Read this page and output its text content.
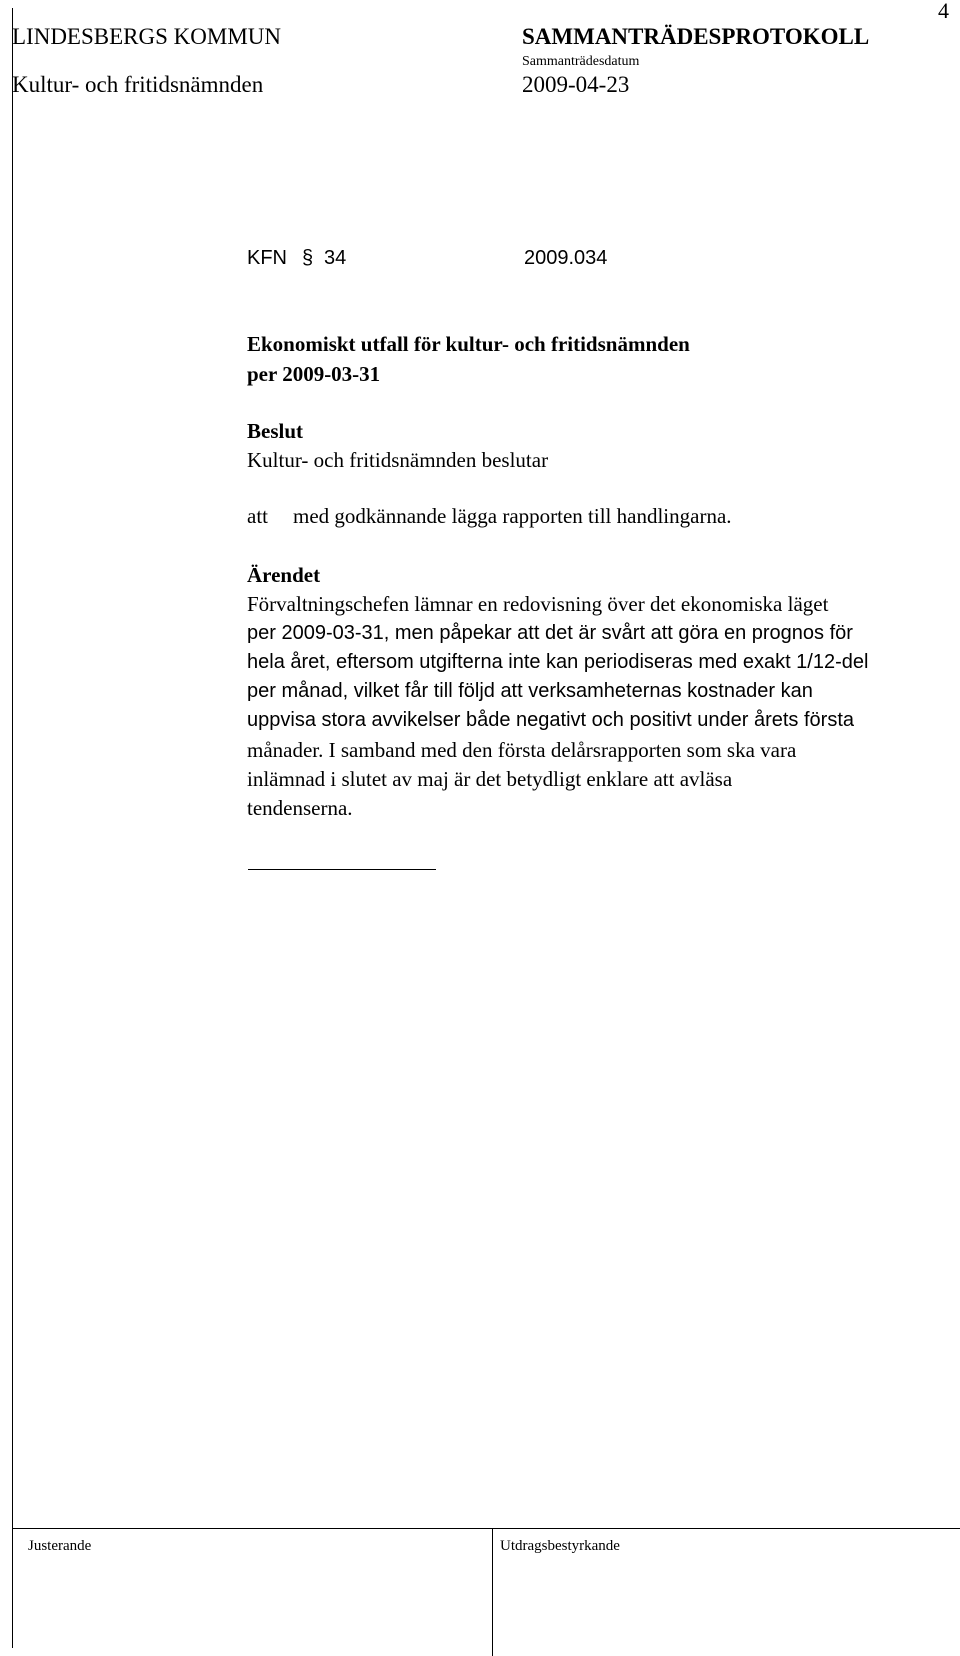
4
LINDESBERGS KOMMUN	SAMMANTRÄDESPROTOKOLL
Sammanträdesdatum
Kultur- och fritidsnämnden	2009-04-23
KFN § 34	2009.034
Ekonomiskt utfall för kultur- och fritidsnämnden
per 2009-03-31
Beslut
Kultur- och fritidsnämnden beslutar
att med godkännande lägga rapporten till handlingarna.
Ärendet
Förvaltningschefen lämnar en redovisning över det ekonomiska läget
per 2009-03-31, men påpekar att det är svårt att göra en prognos för
hela året, eftersom utgifterna inte kan periodiseras med exakt 1/12-del
per månad, vilket får till följd att verksamheternas kostnader kan
uppvisa stora avvikelser både negativt och positivt under årets första
månader. I samband med den första delårsrapporten som ska vara
inlämnad i slutet av maj är det betydligt enklare att avläsa
tendenserna.
Justerande	Utdragsbestyrkande
